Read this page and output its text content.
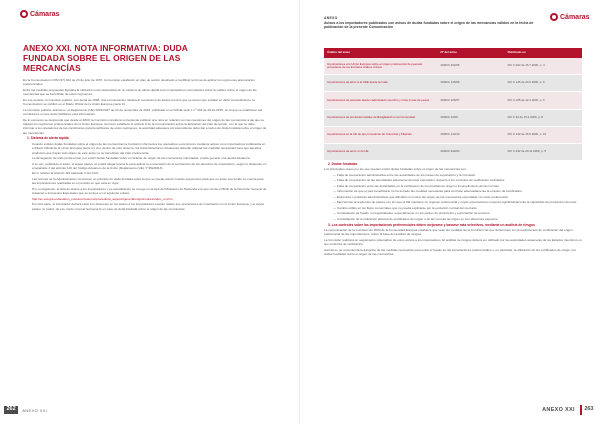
Cámaras
ANEXO XXI. NOTA INFORMATIVA: DUDA FUNDADA SOBRE EL ORIGEN DE LAS MERCANCÍAS

En la Comunicación COM (97) 402 de 23 de julio de 1997, la Comisión estableció un plan de acción destinado a modificar la forma de aplicar los regímenes arancelarios preferenciales.

Entre las medidas propuestas figuraba la utilización más sistemática de un sistema de alerta rápida a los importadores comunitarios sobre la validez sobre el origen de las mercancías que se benefician de estos regímenes.

En ese sentido, la Comisión publicó, con fecha de 1998, una comunicación relativa al mecanismo de avisos previos que se tienen que señalar en dicho procedimiento; la Comunicación se publicó en el Diario Oficial de la Unión Europea (serie C).

La Comisión publica, asimismo, el Reglamento (UE) 2015/2447 de 24 de noviembre de 2015, publicado en el DOUE serie L nº 343 de 29.12.2015, en la que se establecen las condiciones en que debe facilitarse esta información.

De lo expuesto se desprende que desde el 2000, la Comisión considera conveniente publicar una nota en relación con las cuestiones del origen de las mercancías a las que se aplican los regímenes preferenciales de la Unión Europea, tal como establece el artículo 8 de la Comunicación sobre la aplicación del plan de acción, con la que se debe informar a los operadores de las condiciones para beneficiarse de estos regímenes, la autoridad aduanera correspondiente debe dar el aviso de duda fundada sobre el origen de las mercancías.

1. Sistema de alerta rápida

Cuando existan dudas fundadas sobre el origen de las mercancías la Comisión informará a los operadores económicos mediante avisos a los importadores publicados en el Diario Oficial de la Unión Europea (serie C). Así, dentro de este sistema, las Administraciones aduaneras deberán adoptar las medidas necesarias para que aquellos productos que hayan sido objeto de este aviso no se beneficien del trato preferencial.

La denegación de trato preferencial, por existir dudas fundadas sobre el carácter de origen de las mercancías importadas, puede generar una deuda aduanera.

A su vez, publicado el aviso, el sujeto pasivo no podrá alegar buena fe para aplicar la exoneración de la contracción de los derechos de importación, según lo dispuesto en el apartado 3 del artículo 119 del Código Aduanero de la Unión (Reglamento (UE) nº 952/2013).

En lo relativo al Artículo 119 apartado 3 del CAU:

Las normas de la Administración reconocen un principio de duda fundada sobre la que se puede actuar cuando sea preciso para que un aviso sea tenido en cuenta para las importaciones realizadas en el periodo en que está en vigor.

Por consiguiente, la lista de avisos a los importadores y su actualización se recoge en la web del Ministerio de Hacienda a la que remite el BOE de la Dirección General de Aduanas e Impuestos Especiales que se incluye en el siguiente enlace:

http://ec.europa.eu/taxation_customs/customs/procedural_aspects/general/origin/notices/index_en.htm

Por otra parte, el importador deberá estar a lo dispuesto en los avisos a los importadores cuando realice sus operaciones de importación en la Unión Europea, y el sujeto pasivo no podrá, de ese modo, invocar la buena fe en caso de duda fundada sobre el origen de las mercancías.

262	ANEXO XXI
Cámaras
ANEXO
Avisos a los importadores publicados con avisos de dudas fundadas sobre el origen de las mercancías válidos en la fecha de publicación de la presente Comunicación
Ámbito del aviso	Nº del aviso	Publicado en
Importaciones a la Unión Europea sobre el origen preferencial de pescado procedente de los Emiratos Árabes Unidos	2000/C 202/05	DO C 202 de 15.7.2000, p. 4
Importaciones de arroz a la CEE desde la India	2000/C 145/06	DO C 145 de 24.5.2000, p. 6
Importaciones de pescado desde cada Estado miembro y otras zonas de pesca	2000/C 105/07	DO C 105 de 12.4.2000, p. 6
Importaciones de productos textiles de Bangladesh en la Comunidad	2000/C 42/06	DO C 42 de 15.2.2000, p. 8
Importaciones en la UE de ajo procedente de Colombia y Filipinas	2000/C 132/10	DO C 132 de 15.5.2000, p. 15
Importaciones de arroz en la UE	2000/C 332/03	DO C 332 de 20.11.2000, p. 5
2. Dudas fundadas

Los principales casos por los que pueden existir dudas fundadas sobre el origen de las mercancías son:

— Falta de cooperación administrativa entre las autoridades de los países de exportación y la Comisión.

— Falta de cooperación de las autoridades aduaneras del país exportador respecto a los controles de verificación solicitados.

— Falta de cooperación entre las autoridades en la verificación de los pruebas de origen e incumplimiento de las normas.

— Información de que el país beneficiario no ha tomado las medidas necesarias para controlar adecuadamente la emisión de certificados.

— Estructura o prácticas administrativas que dificultan el control del origen de las mercancías exportadas con trato preferencial.

— Mercancías procedentes de países con los que la UE mantiene un régimen preferencial y cuyas exportaciones superan significativamente la capacidad de producción del país.

— Cambio súbito en los flujos comerciales que no pueda explicarse por la evolución normal del mercado.

— Constatación de fraude o irregularidades, especialmente en los países de producción y exportación de terceros.

— Constatación de la utilización abusiva de certificados de origen o de las normas de origen en sus diferentes aspectos.

3. Los controles sobre las importaciones preferenciales deben mejorarse y basarse más selectivos, mediante un análisis de riesgos

La comunicación de la Comisión de 2000 de la Comunidad Europea establece que sean las medidas de la Comisión las que determinen los procedimientos de verificación del origen preferencial de las importaciones, sobre la base del análisis de riesgos.

La Comisión realizará un seguimiento sistemático de estos avisos a los importadores. El análisis de riesgos deberá ser utilizado por las autoridades aduaneras de los Estados miembros en sus controles de verificación.

Asimismo, se recomienda la adopción de las medidas necesarias para evitar el fraude en las importaciones preferenciales y, en particular, la utilización de los certificados de origen con dudas fundadas sobre el origen de las mercancías.

ANEXO XXI	263
